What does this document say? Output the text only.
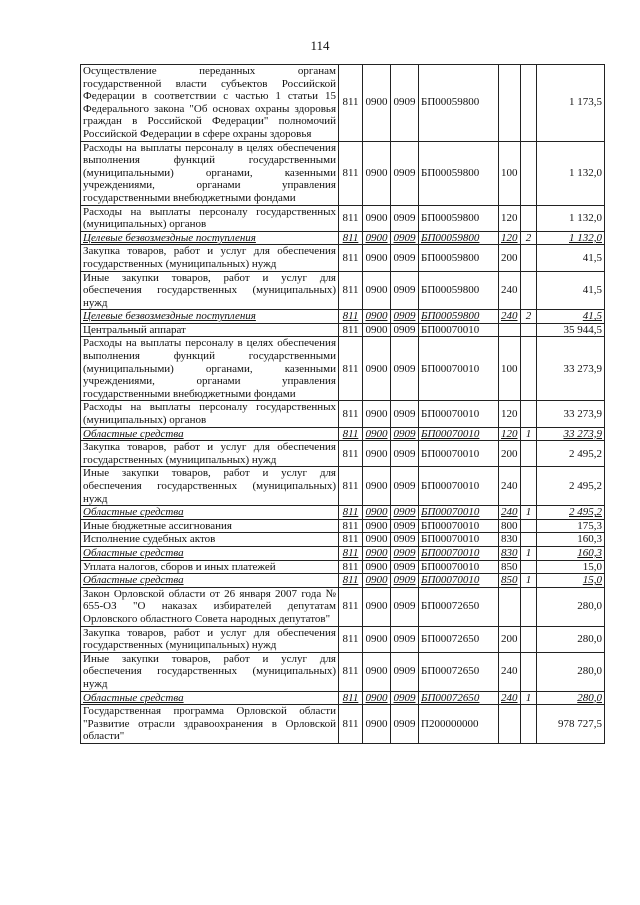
114
Осуществление переданных органам государственной власти субъектов Российской Федерации в соответствии с частью 1 статьи 15 Федерального закона "Об основах охраны здоровья граждан в Российской Федерации" полномочий Российской Федерации в сфере охраны здоровья	811	0900	0909	БП00059800			1 173,5
Расходы на выплаты персоналу в целях обеспечения выполнения функций государственными (муниципальными) органами, казенными учреждениями, органами управления государственными внебюджетными фондами	811	0900	0909	БП00059800	100		1 132,0
Расходы на выплаты персоналу государственных (муниципальных) органов	811	0900	0909	БП00059800	120		1 132,0
Целевые безвозмездные поступления	811	0900	0909	БП00059800	120	2	1 132,0
Закупка товаров, работ и услуг для обеспечения государственных (муниципальных) нужд	811	0900	0909	БП00059800	200		41,5
Иные закупки товаров, работ и услуг для обеспечения государственных (муниципальных) нужд	811	0900	0909	БП00059800	240		41,5
Целевые безвозмездные поступления	811	0900	0909	БП00059800	240	2	41,5
Центральный аппарат	811	0900	0909	БП00070010			35 944,5
Расходы на выплаты персоналу в целях обеспечения выполнения функций государственными (муниципальными) органами, казенными учреждениями, органами управления государственными внебюджетными фондами	811	0900	0909	БП00070010	100		33 273,9
Расходы на выплаты персоналу государственных (муниципальных) органов	811	0900	0909	БП00070010	120		33 273,9
Областные средства	811	0900	0909	БП00070010	120	1	33 273,9
Закупка товаров, работ и услуг для обеспечения государственных (муниципальных) нужд	811	0900	0909	БП00070010	200		2 495,2
Иные закупки товаров, работ и услуг для обеспечения государственных (муниципальных) нужд	811	0900	0909	БП00070010	240		2 495,2
Областные средства	811	0900	0909	БП00070010	240	1	2 495,2
Иные бюджетные ассигнования	811	0900	0909	БП00070010	800		175,3
Исполнение судебных актов	811	0900	0909	БП00070010	830		160,3
Областные средства	811	0900	0909	БП00070010	830	1	160,3
Уплата налогов, сборов и иных платежей	811	0900	0909	БП00070010	850		15,0
Областные средства	811	0900	0909	БП00070010	850	1	15,0
Закон Орловской области от 26 января 2007 года № 655-ОЗ "О наказах избирателей депутатам Орловского областного Совета народных депутатов"	811	0900	0909	БП00072650			280,0
Закупка товаров, работ и услуг для обеспечения государственных (муниципальных) нужд	811	0900	0909	БП00072650	200		280,0
Иные закупки товаров, работ и услуг для обеспечения государственных (муниципальных) нужд	811	0900	0909	БП00072650	240		280,0
Областные средства	811	0900	0909	БП00072650	240	1	280,0
Государственная программа Орловской области "Развитие отрасли здравоохранения в Орловской области"	811	0900	0909	П200000000			978 727,5
